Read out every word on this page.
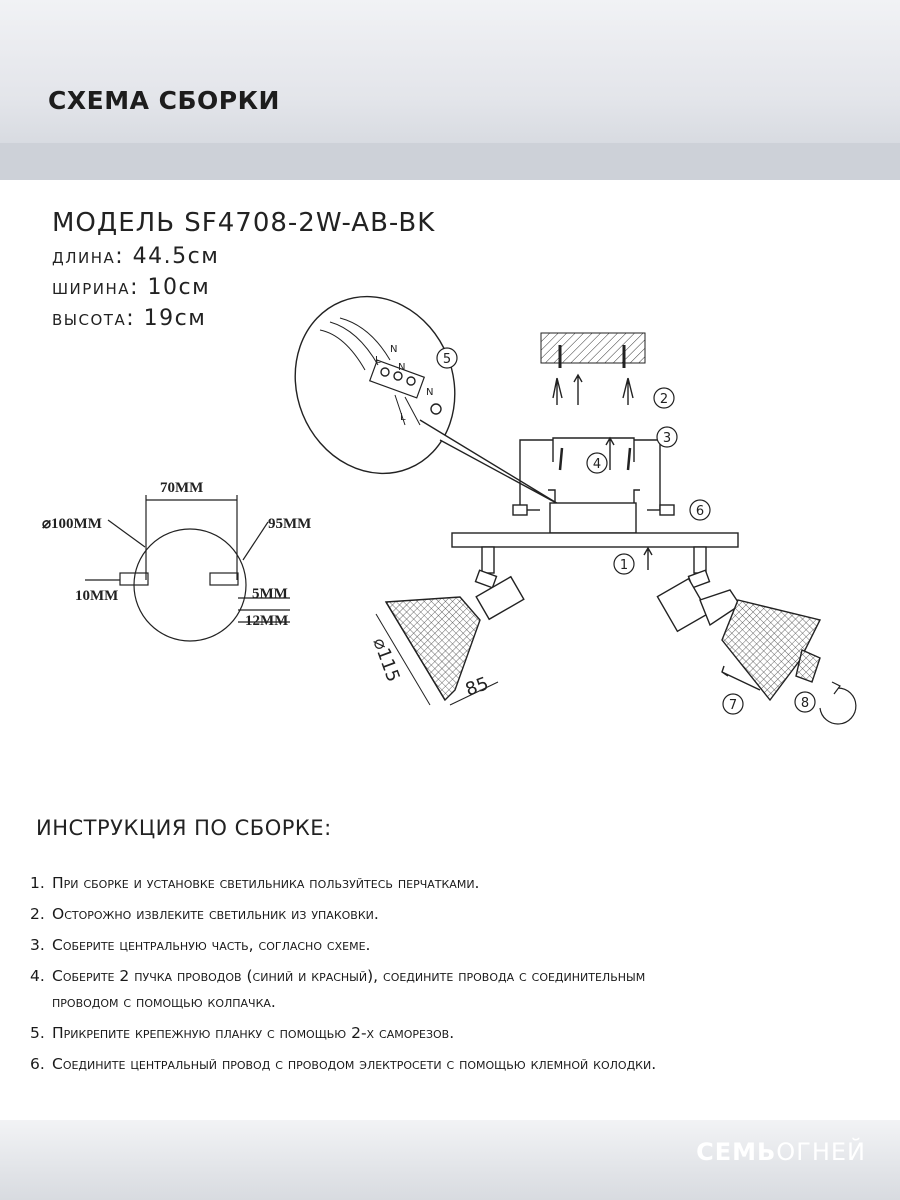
СХЕМА СБОРКИ
МОДЕЛЬ SF4708-2W-AB-BK
длина: 44.5см
ширина: 10см
высота: 19см
70MM
⌀100MM	95MM
10MM	5MM
12MM
N
L
N
N
L
⌀115
85
1
2
3
4
5
6
7	8
ИНСТРУКЦИЯ ПО СБОРКЕ:
1. При сборке и установке светильника пользуйтесь перчатками.
2. Осторожно извлеките светильник из упаковки.
3. Соберите центральную часть, согласно схеме.
4. Соберите 2 пучка проводов (синий и красный), соедините провода с соединительным
проводом с помощью колпачка.
5. Прикрепите крепежную планку с помощью 2-х саморезов.
6. Соедините центральный провод с проводом электросети с помощью клемной колодки.
СЕМЬОГНЕЙ
